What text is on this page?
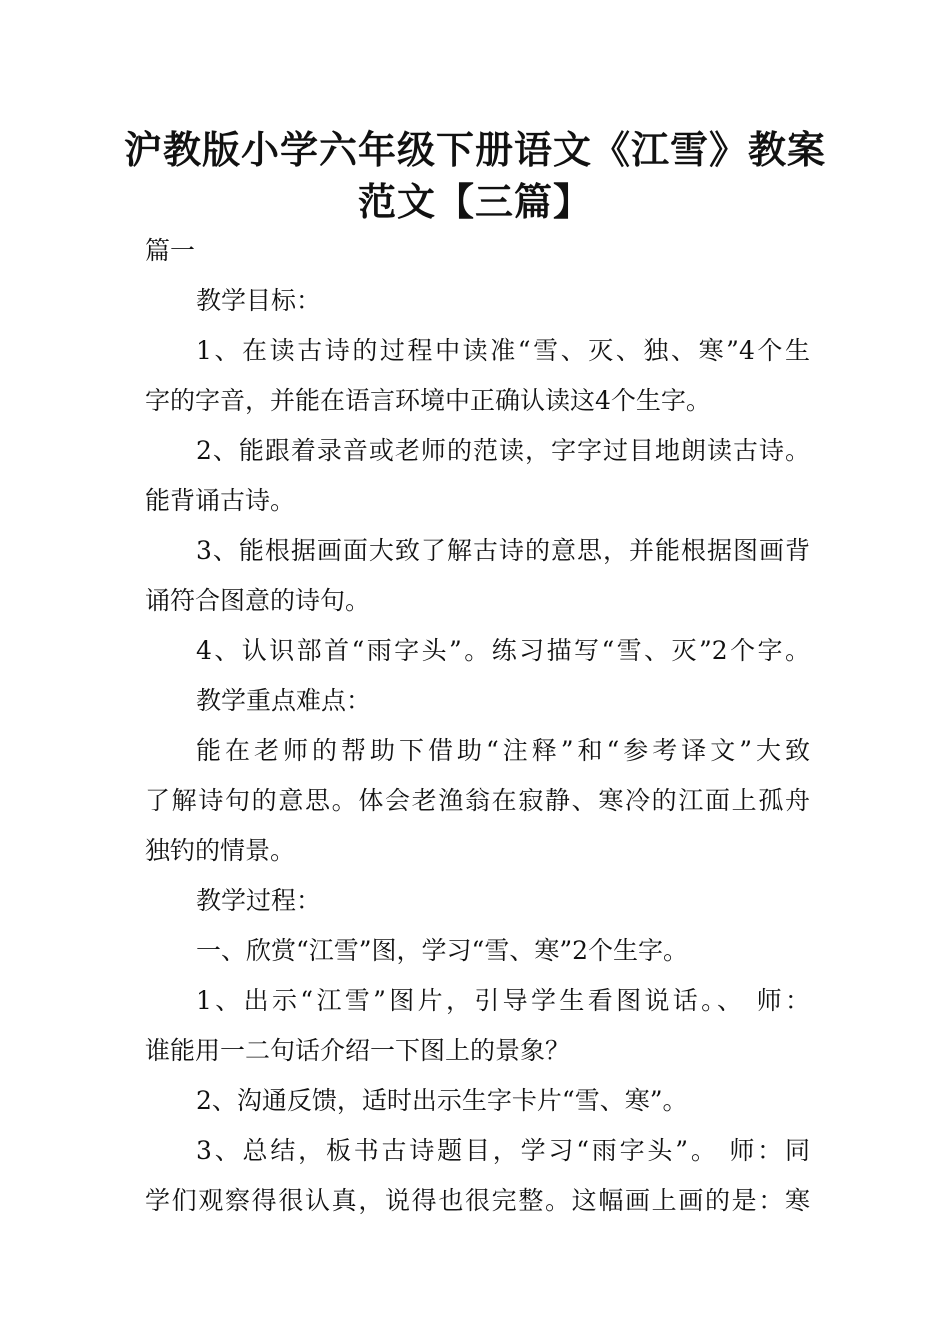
沪教版小学六年级下册语文《江雪》教案
范文【三篇】
篇一
教学目标：
1、在读古诗的过程中读准“雪、灭、独、寒”4个生
字的字音，并能在语言环境中正确认读这4个生字。
2、能跟着录音或老师的范读，字字过目地朗读古诗。
能背诵古诗。
3、能根据画面大致了解古诗的意思，并能根据图画背
诵符合图意的诗句。
4、认识部首“雨字头”。练习描写“雪、灭”2个字。
教学重点难点：
能在老师的帮助下借助“注释”和“参考译文”大致
了解诗句的意思。体会老渔翁在寂静、寒冷的江面上孤舟
独钓的情景。
教学过程：
一、欣赏“江雪”图，学习“雪、寒”2个生字。
1、出示“江雪”图片，引导学生看图说话。、 师：
谁能用一二句话介绍一下图上的景象？
2、沟通反馈，适时出示生字卡片“雪、寒”。
3、总结，板书古诗题目，学习“雨字头”。 师：同
学们观察得很认真，说得也很完整。这幅画上画的是：寒
